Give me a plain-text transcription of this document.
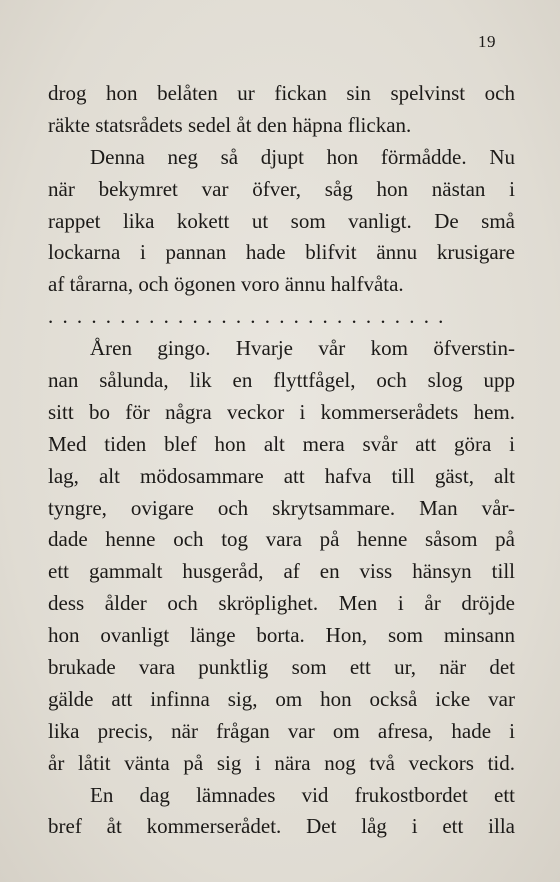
19
drog hon belåten ur fickan sin spelvinst och
räkte statsrådets sedel åt den häpna flickan.
Denna neg så djupt hon förmådde. Nu
när bekymret var öfver, såg hon nästan i
rappet lika kokett ut som vanligt. De små
lockarna i pannan hade blifvit ännu krusigare
af tårarna, och ögonen voro ännu halfvåta.
............................
Åren gingo. Hvarje vår kom öfverstin-
nan sålunda, lik en flyttfågel, och slog upp
sitt bo för några veckor i kommerserådets hem.
Med tiden blef hon alt mera svår att göra i
lag, alt mödosammare att hafva till gäst, alt
tyngre, ovigare och skrytsammare. Man vår-
dade henne och tog vara på henne såsom på
ett gammalt husgeråd, af en viss hänsyn till
dess ålder och skröplighet. Men i år dröjde
hon ovanligt länge borta. Hon, som minsann
brukade vara punktlig som ett ur, när det
gälde att infinna sig, om hon också icke var
lika precis, när frågan var om afresa, hade i
år låtit vänta på sig i nära nog två veckors tid.
En dag lämnades vid frukostbordet ett
bref åt kommerserådet. Det låg i ett illa
